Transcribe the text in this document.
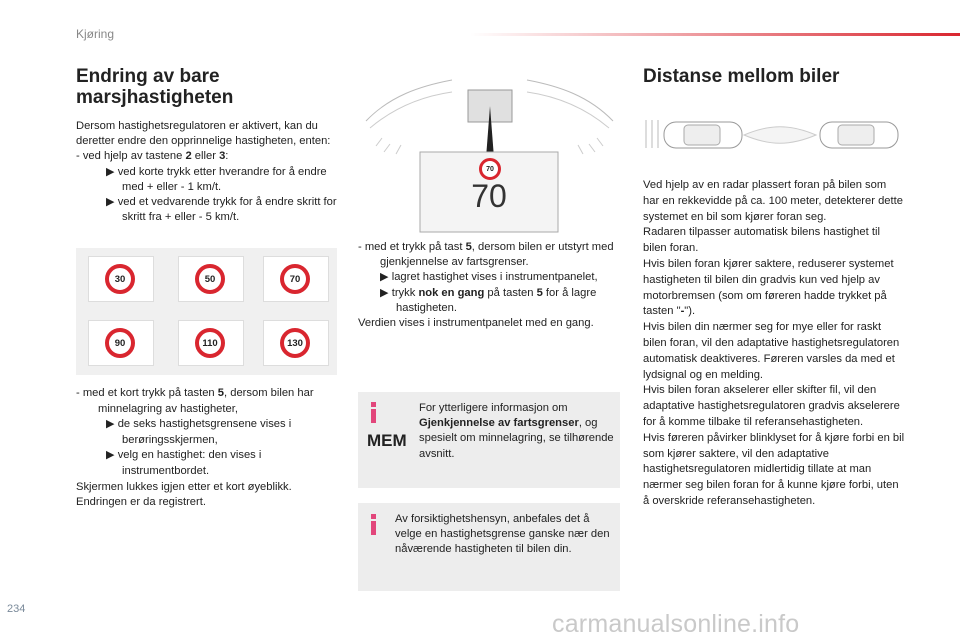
Kjøring
Endring av bare
marsjhastigheten

Dersom hastighetsregulatoren er aktivert, kan du deretter endre den opprinnelige hastigheten, enten:

- ved hjelp av tastene 2 eller 3:

▶ ved korte trykk etter hverandre for å endre med + eller - 1 km/t.

▶ ved et vedvarende trykk for å endre skritt for skritt fra + eller - 5 km/t.

30	50	70
90	110	130

- med et kort trykk på tasten 5, dersom bilen har minnelagring av hastigheter,

▶ de seks hastighetsgrensene vises i berøringsskjermen,

▶ velg en hastighet: den vises i instrumentbordet.

Skjermen lukkes igjen etter et kort øyeblikk.

Endringen er da registrert.

70
70

- med et trykk på tast 5, dersom bilen er utstyrt med gjenkjennelse av fartsgrenser.

▶ lagret hastighet vises i instrumentpanelet,

▶ trykk nok en gang på tasten 5 for å lagre hastigheten.

Verdien vises i instrumentpanelet med en gang.

MEM
For ytterligere informasjon om Gjenkjennelse av fartsgrenser, og spesielt om minnelagring, se tilhørende avsnitt.
Av forsiktighetshensyn, anbefales det å velge en hastighetsgrense ganske nær den nåværende hastigheten til bilen din.
Distanse mellom biler

Ved hjelp av en radar plassert foran på bilen som har en rekkevidde på ca. 100 meter, detekterer dette systemet en bil som kjører foran seg.

Radaren tilpasser automatisk bilens hastighet til bilen foran.

Hvis bilen foran kjører saktere, reduserer systemet hastigheten til bilen din gradvis kun ved hjelp av motorbremsen (som om føreren hadde trykket på tasten "-").

Hvis bilen din nærmer seg for mye eller for raskt bilen foran, vil den adaptative hastighetsregulatoren automatisk deaktiveres. Føreren varsles da med et lydsignal og en melding.

Hvis bilen foran akselerer eller skifter fil, vil den adaptative hastighetsregulatoren gradvis akselerere for å komme tilbake til referansehastigheten.

Hvis føreren påvirker blinklyset for å kjøre forbi en bil som kjører saktere, vil den adaptative hastighetsregulatoren midlertidig tillate at man nærmer seg bilen foran for å kunne kjøre forbi, uten å overskride referansehastigheten.

234
carmanualsonline.info
